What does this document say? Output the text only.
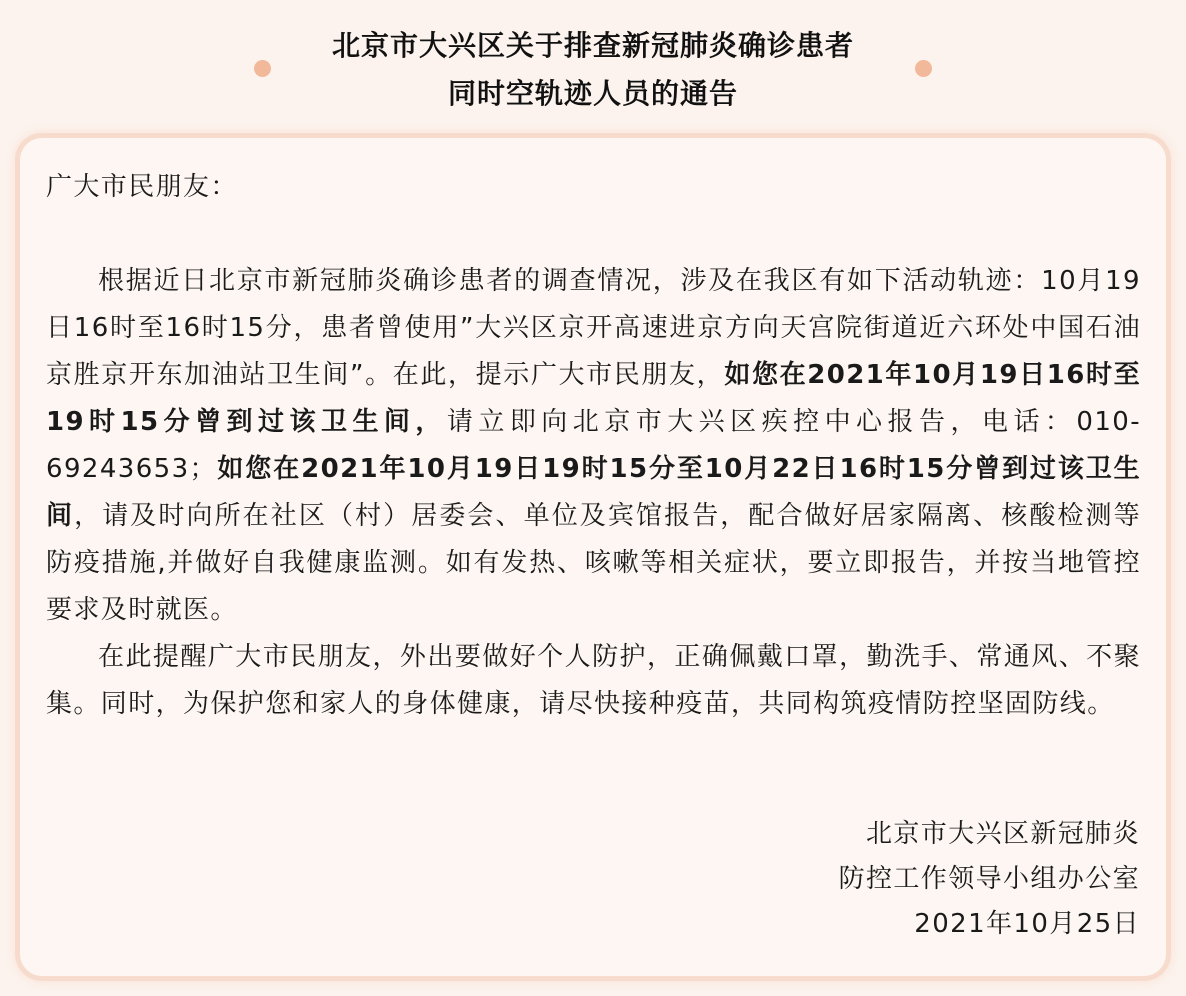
北京市大兴区关于排查新冠肺炎确诊患者
同时空轨迹人员的通告

广大市民朋友：

根据近日北京市新冠肺炎确诊患者的调查情况，涉及在我区有如下活动轨迹：10月19日16时至16时15分，患者曾使用”大兴区京开高速进京方向天宫院街道近六环处中国石油京胜京开东加油站卫生间”。在此，提示广大市民朋友，如您在2021年10月19日16时至19时15分曾到过该卫生间，请立即向北京市大兴区疾控中心报告，电话：010-69243653；如您在2021年10月19日19时15分至10月22日16时15分曾到过该卫生间，请及时向所在社区（村）居委会、单位及宾馆报告，配合做好居家隔离、核酸检测等防疫措施,并做好自我健康监测。如有发热、咳嗽等相关症状，要立即报告，并按当地管控要求及时就医。

在此提醒广大市民朋友，外出要做好个人防护，正确佩戴口罩，勤洗手、常通风、不聚集。同时，为保护您和家人的身体健康，请尽快接种疫苗，共同构筑疫情防控坚固防线。

北京市大兴区新冠肺炎
防控工作领导小组办公室
2021年10月25日
